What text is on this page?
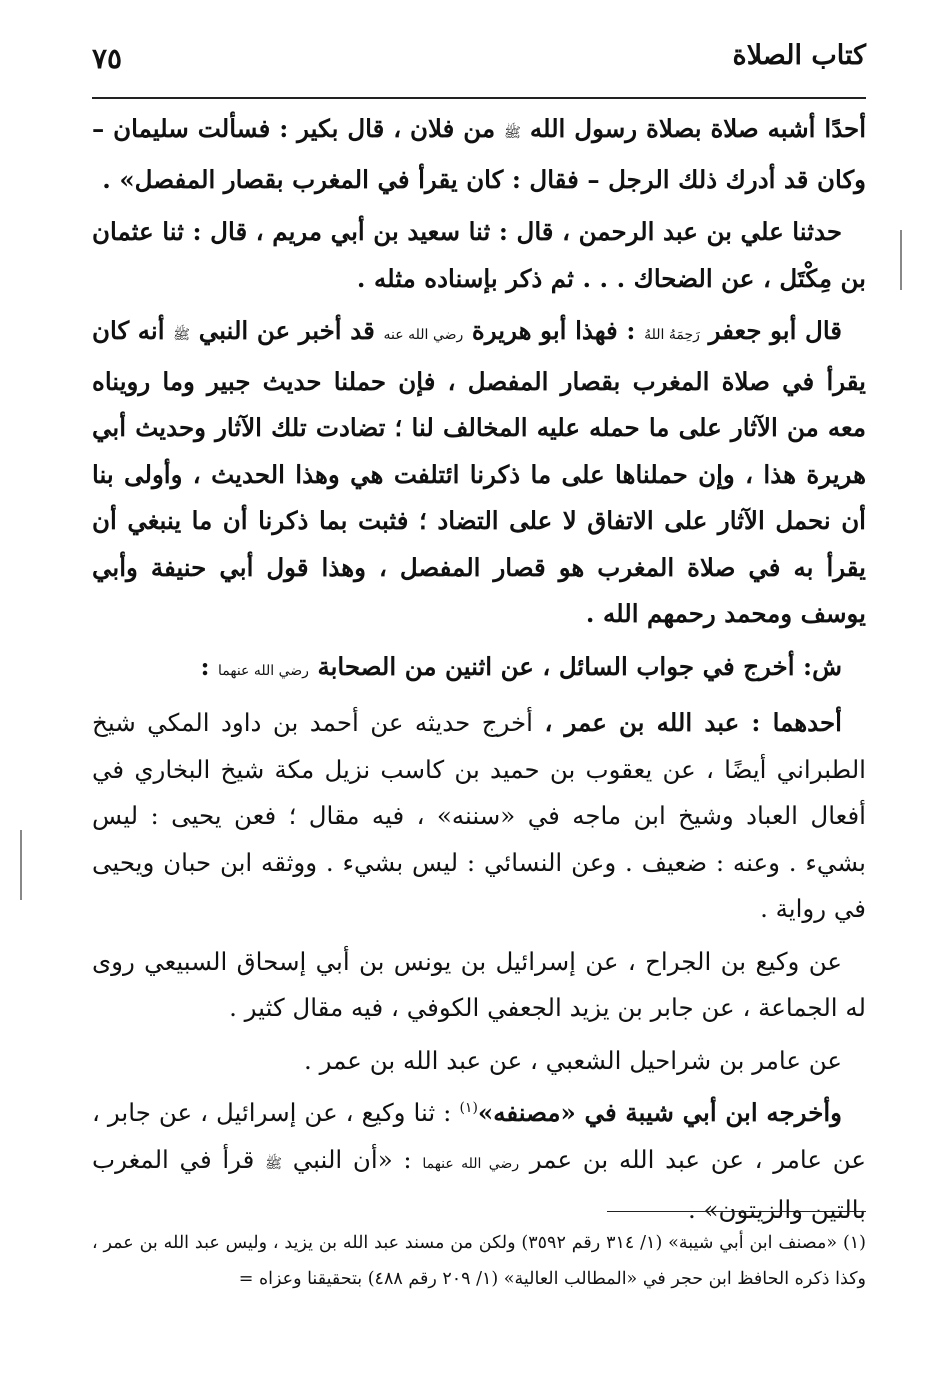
كتاب الصلاة
٧٥

أحدًا أشبه صلاة بصلاة رسول الله ﷺ من فلان ، قال بكير : فسألت سليمان – وكان قد أدرك ذلك الرجل – فقال : كان يقرأ في المغرب بقصار المفصل» .

حدثنا علي بن عبد الرحمن ، قال : ثنا سعيد بن أبي مريم ، قال : ثنا عثمان بن مِكْتَل ، عن الضحاك . . . ثم ذكر بإسناده مثله .

قال أبو جعفر رَحِمَهُ اللهُ : فهذا أبو هريرة رضي الله عنه قد أخبر عن النبي ﷺ أنه كان يقرأ في صلاة المغرب بقصار المفصل ، فإن حملنا حديث جبير وما رويناه معه من الآثار على ما حمله عليه المخالف لنا ؛ تضادت تلك الآثار وحديث أبي هريرة هذا ، وإن حملناها على ما ذكرنا ائتلفت هي وهذا الحديث ، وأولى بنا أن نحمل الآثار على الاتفاق لا على التضاد ؛ فثبت بما ذكرنا أن ما ينبغي أن يقرأ به في صلاة المغرب هو قصار المفصل ، وهذا قول أبي حنيفة وأبي يوسف ومحمد رحمهم الله .

ش: أخرج في جواب السائل ، عن اثنين من الصحابة رضي الله عنهما :

أحدهما : عبد الله بن عمر ، أخرج حديثه عن أحمد بن داود المكي شيخ الطبراني أيضًا ، عن يعقوب بن حميد بن كاسب نزيل مكة شيخ البخاري في أفعال العباد وشيخ ابن ماجه في «سننه» ، فيه مقال ؛ فعن يحيى : ليس بشيء . وعنه : ضعيف . وعن النسائي : ليس بشيء . ووثقه ابن حبان ويحيى في رواية .

عن وكيع بن الجراح ، عن إسرائيل بن يونس بن أبي إسحاق السبيعي روى له الجماعة ، عن جابر بن يزيد الجعفي الكوفي ، فيه مقال كثير .

عن عامر بن شراحيل الشعبي ، عن عبد الله بن عمر .

وأخرجه ابن أبي شيبة في «مصنفه»$^{(١)}$ : ثنا وكيع ، عن إسرائيل ، عن جابر ، عن عامر ، عن عبد الله بن عمر رضي الله عنهما : «أن النبي ﷺ قرأ في المغرب بالتين والزيتون» .

(١) «مصنف ابن أبي شيبة» (١/ ٣١٤ رقم ٣٥٩٢) ولكن من مسند عبد الله بن يزيد ، وليس عبد الله بن عمر ، وكذا ذكره الحافظ ابن حجر في «المطالب العالية» (١/ ٢٠٩ رقم ٤٨٨) بتحقيقنا وعزاه =
